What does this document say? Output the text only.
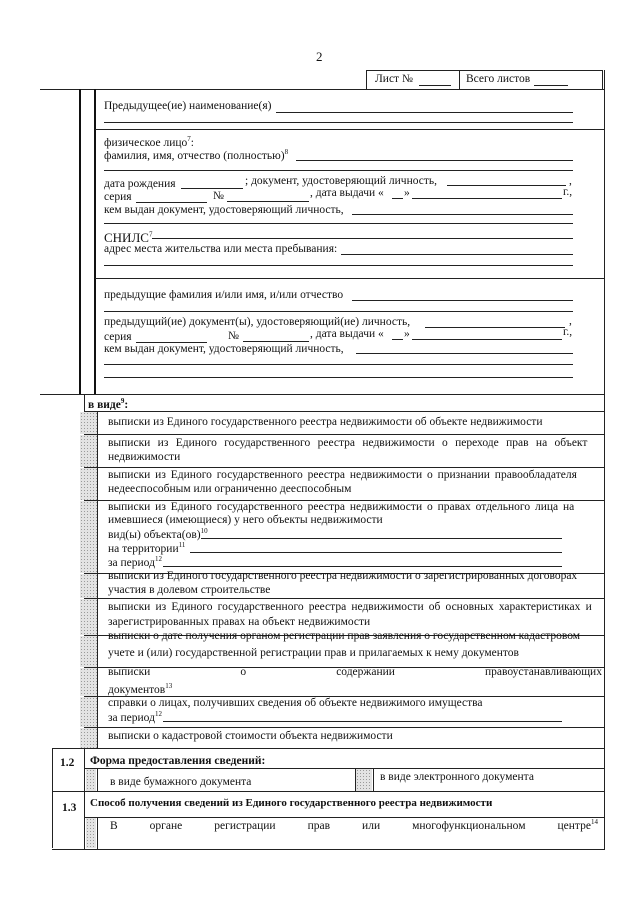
2
Лист №	Всего листов
Предыдущее(ие) наименование(я)
физическое лицо$^7$:
фамилия, имя, отчество (полностью)$^8$
дата рождения	; документ, удостоверяющий личность,	,
серия	№	, дата выдачи « »	г.,
кем выдан документ, удостоверяющий личность,
СНИЛС$^7$
адрес места жительства или места пребывания:
предыдущие фамилия и/или имя, и/или отчество
предыдущий(ие) документ(ы), удостоверяющий(ие) личность,	,
серия	№	, дата выдачи « »	г.,
кем выдан документ, удостоверяющий личность,
в виде$^9$:
выписки из Единого государственного реестра недвижимости об объекте недвижимости
выписки из Единого государственного реестра недвижимости о переходе прав на объект
недвижимости
выписки из Единого государственного реестра недвижимости о признании правообладателя
недееспособным или ограниченно дееспособным
выписки из Единого государственного реестра недвижимости о правах отдельного лица на
имевшиеся (имеющиеся) у него объекты недвижимости
вид(ы) объекта(ов)$^{10}$
на территории$^{11}$
за период$^{12}$
выписки из Единого государственного реестра недвижимости о зарегистрированных договорах
участия в долевом строительстве
выписки из Единого государственного реестра недвижимости об основных характеристиках и
зарегистрированных правах на объект недвижимости
выписки о дате получения органом регистрации прав заявления о государственном кадастровом
учете и (или) государственной регистрации прав и прилагаемых к нему документов
выписки	о	содержании	правоустанавливающих
документов$^{13}$
справки о лицах, получивших сведения об объекте недвижимого имущества
за период$^{12}$
выписки о кадастровой стоимости объекта недвижимости
1.2 Форма предоставления сведений:
в виде бумажного документа	в виде электронного документа
1.3 Способ получения сведений из Единого государственного реестра недвижимости
В	органе	регистрации	прав	или	многофункциональном	центре$^{14}$
